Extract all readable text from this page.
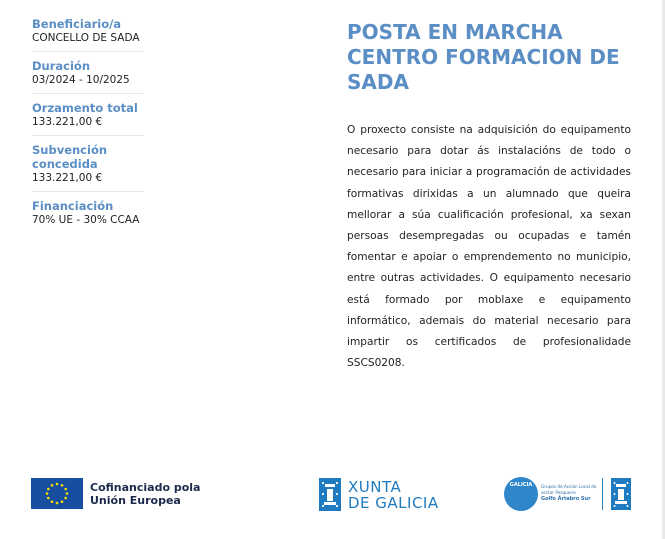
Beneficiario/a
CONCELLO DE SADA
Duración
03/2024 - 10/2025
Orzamento total
133.221,00 €
Subvención concedida
133.221,00 €
Financiación
70% UE - 30% CCAA
POSTA EN MARCHA
CENTRO FORMACION DE
SADA

O proxecto consiste na adquisición do equipamento necesario para dotar ás instalacións de todo o necesario para iniciar a programación de actividades formativas dirixidas a un alumnado que queira mellorar a súa cualificación profesional, xa sexan persoas desempregadas ou ocupadas e tamén fomentar e apoiar o emprendemento no municipio, entre outras actividades. O equipamento necesario está formado por moblaxe e equipamento informático, ademais do material necesario para impartir os certificados de profesionalidade SSCS0208.

Cofinanciado pola
Unión Europea
XUNTA
DE GALICIA
GALICIA	Grupos de Acción Local do sector Pesqueiro
Golfo Ártabro Sur
